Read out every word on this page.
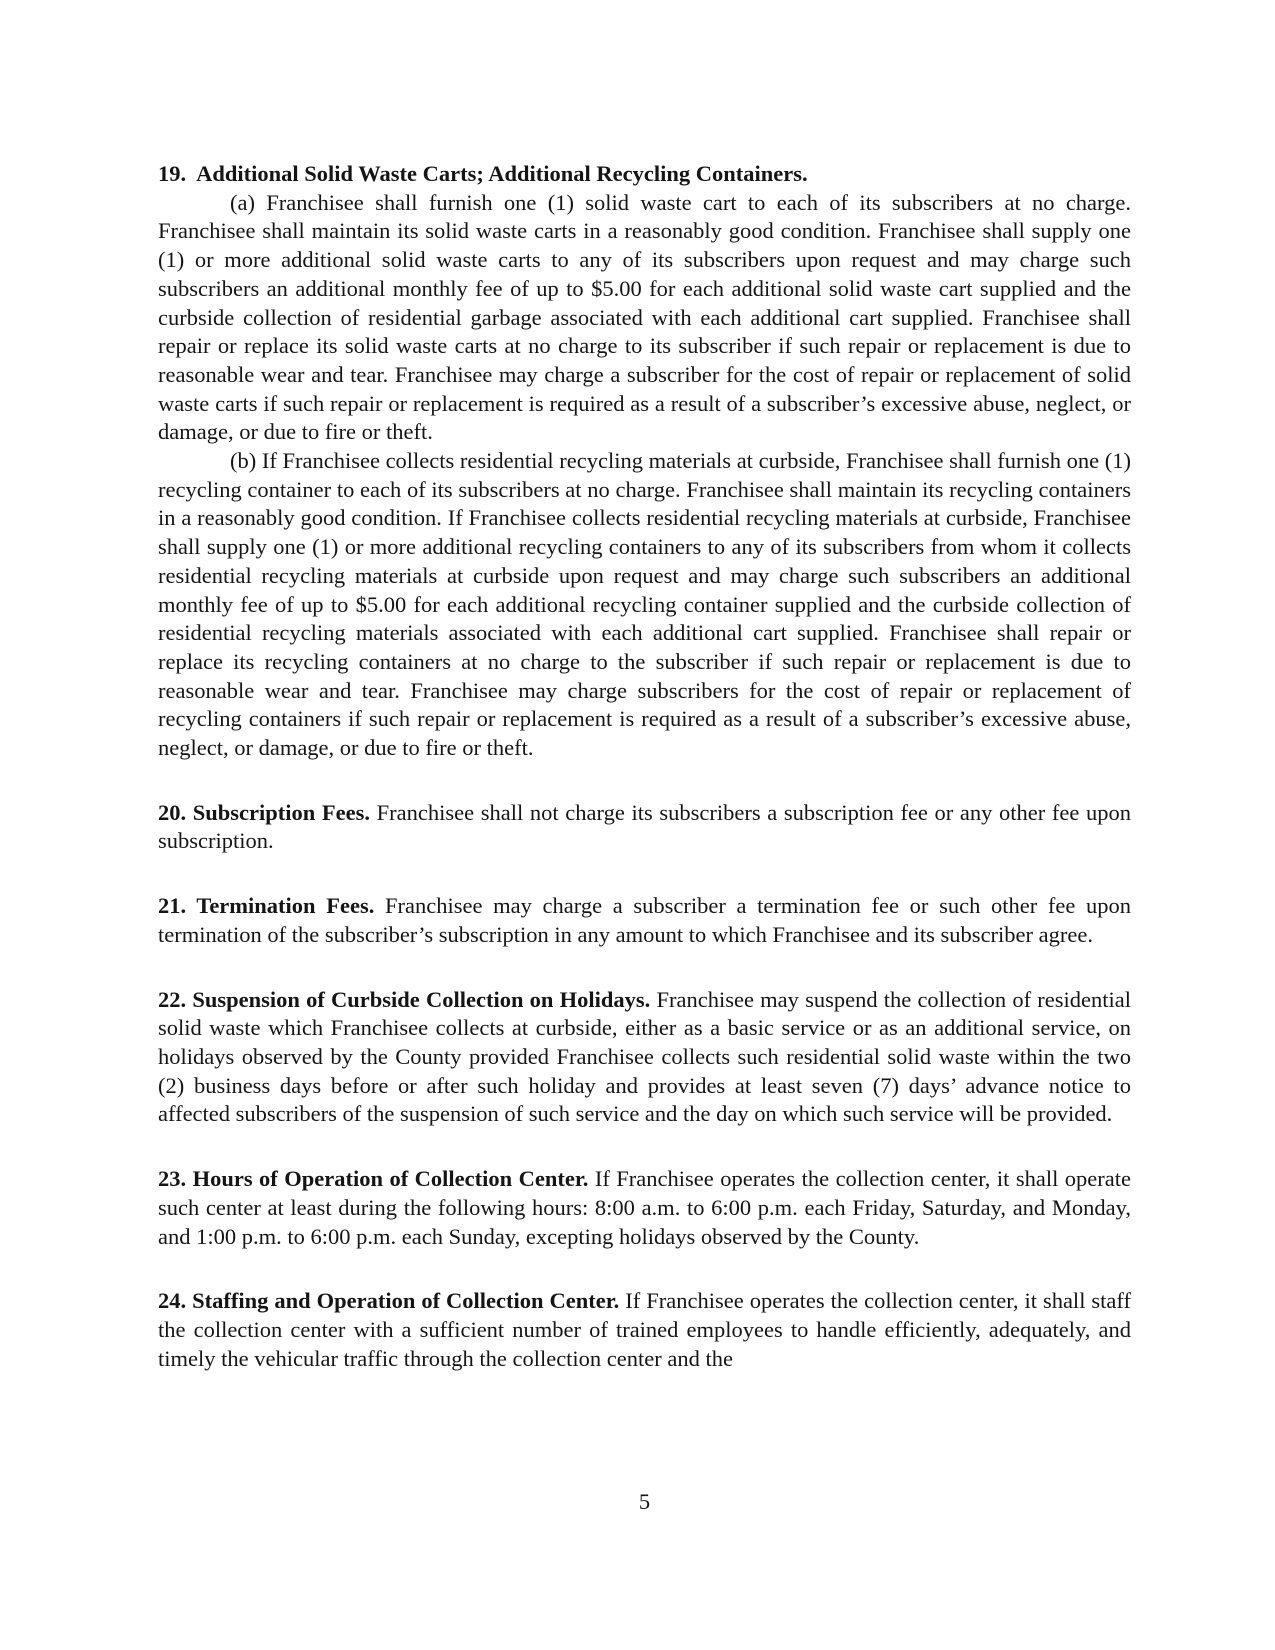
19.  Additional Solid Waste Carts; Additional Recycling Containers.

(a) Franchisee shall furnish one (1) solid waste cart to each of its subscribers at no charge. Franchisee shall maintain its solid waste carts in a reasonably good condition. Franchisee shall supply one (1) or more additional solid waste carts to any of its subscribers upon request and may charge such subscribers an additional monthly fee of up to $5.00 for each additional solid waste cart supplied and the curbside collection of residential garbage associated with each additional cart supplied. Franchisee shall repair or replace its solid waste carts at no charge to its subscriber if such repair or replacement is due to reasonable wear and tear. Franchisee may charge a subscriber for the cost of repair or replacement of solid waste carts if such repair or replacement is required as a result of a subscriber’s excessive abuse, neglect, or damage, or due to fire or theft.

(b) If Franchisee collects residential recycling materials at curbside, Franchisee shall furnish one (1) recycling container to each of its subscribers at no charge. Franchisee shall maintain its recycling containers in a reasonably good condition. If Franchisee collects residential recycling materials at curbside, Franchisee shall supply one (1) or more additional recycling containers to any of its subscribers from whom it collects residential recycling materials at curbside upon request and may charge such subscribers an additional monthly fee of up to $5.00 for each additional recycling container supplied and the curbside collection of residential recycling materials associated with each additional cart supplied. Franchisee shall repair or replace its recycling containers at no charge to the subscriber if such repair or replacement is due to reasonable wear and tear. Franchisee may charge subscribers for the cost of repair or replacement of recycling containers if such repair or replacement is required as a result of a subscriber’s excessive abuse, neglect, or damage, or due to fire or theft.

20. Subscription Fees. Franchisee shall not charge its subscribers a subscription fee or any other fee upon subscription.

21. Termination Fees. Franchisee may charge a subscriber a termination fee or such other fee upon termination of the subscriber’s subscription in any amount to which Franchisee and its subscriber agree.

22. Suspension of Curbside Collection on Holidays. Franchisee may suspend the collection of residential solid waste which Franchisee collects at curbside, either as a basic service or as an additional service, on holidays observed by the County provided Franchisee collects such residential solid waste within the two (2) business days before or after such holiday and provides at least seven (7) days’ advance notice to affected subscribers of the suspension of such service and the day on which such service will be provided.

23. Hours of Operation of Collection Center. If Franchisee operates the collection center, it shall operate such center at least during the following hours: 8:00 a.m. to 6:00 p.m. each Friday, Saturday, and Monday, and 1:00 p.m. to 6:00 p.m. each Sunday, excepting holidays observed by the County.

24. Staffing and Operation of Collection Center. If Franchisee operates the collection center, it shall staff the collection center with a sufficient number of trained employees to handle efficiently, adequately, and timely the vehicular traffic through the collection center and the

5
